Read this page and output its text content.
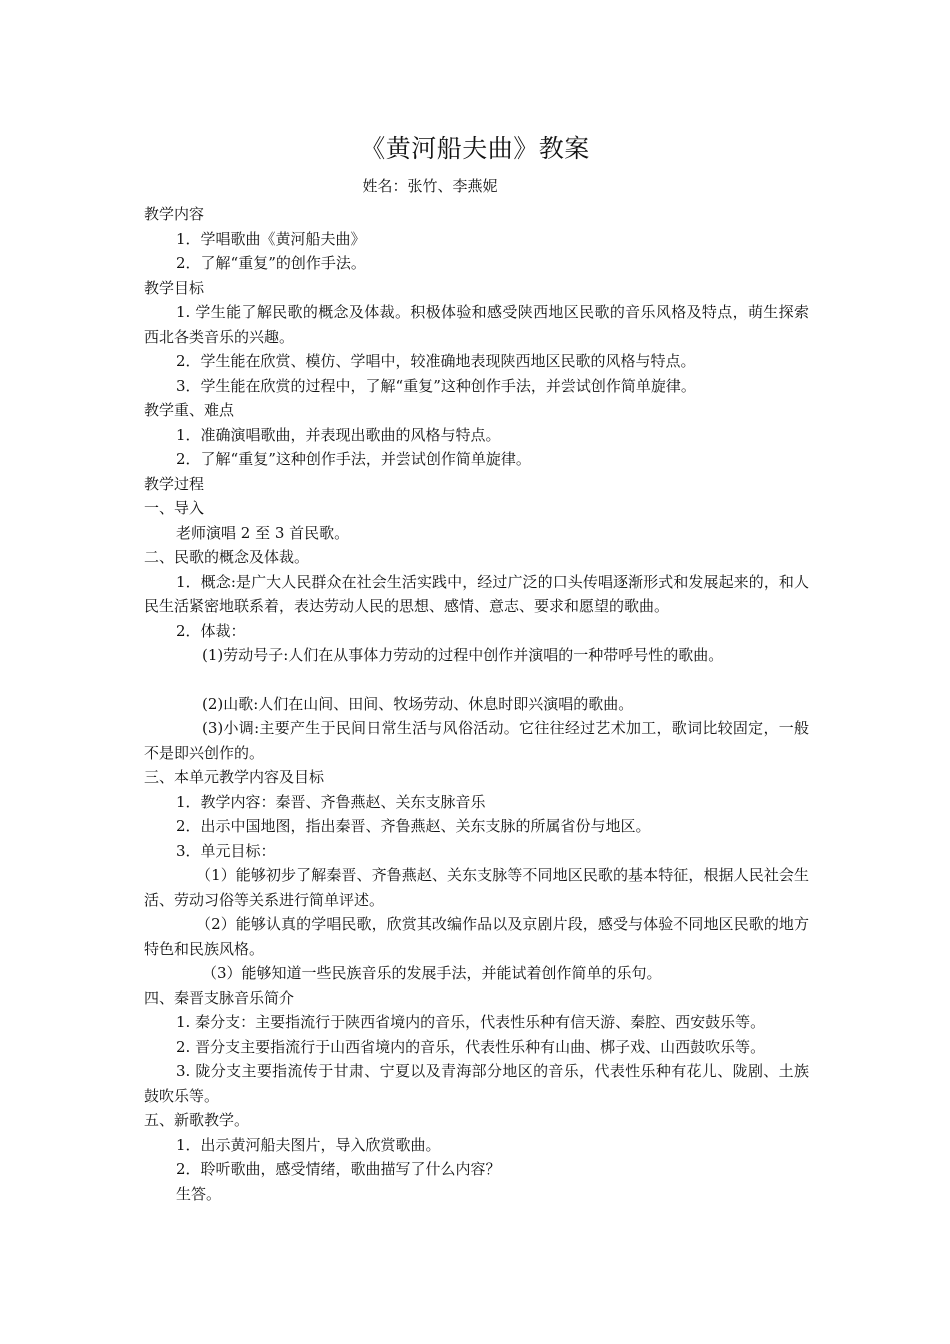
《黄河船夫曲》教案
姓名：张竹、李燕妮

教学内容

1．学唱歌曲《黄河船夫曲》

2．了解“重复”的创作手法。

教学目标

1. 学生能了解民歌的概念及体裁。积极体验和感受陕西地区民歌的音乐风格及特点，萌生探索西北各类音乐的兴趣。

2．学生能在欣赏、模仿、学唱中，较准确地表现陕西地区民歌的风格与特点。

3．学生能在欣赏的过程中，了解“重复”这种创作手法，并尝试创作简单旋律。

教学重、难点

1．准确演唱歌曲，并表现出歌曲的风格与特点。

2．了解“重复”这种创作手法，并尝试创作简单旋律。

教学过程

一、导入

老师演唱 2 至 3 首民歌。

二、民歌的概念及体裁。

1．概念:是广大人民群众在社会生活实践中，经过广泛的口头传唱逐渐形式和发展起来的，和人民生活紧密地联系着，表达劳动人民的思想、感情、意志、要求和愿望的歌曲。

2．体裁：

(1)劳动号子:人们在从事体力劳动的过程中创作并演唱的一种带呼号性的歌曲。

(2)山歌:人们在山间、田间、牧场劳动、休息时即兴演唱的歌曲。

(3)小调:主要产生于民间日常生活与风俗活动。它往往经过艺术加工，歌词比较固定，一般不是即兴创作的。

三、本单元教学内容及目标

1．教学内容：秦晋、齐鲁燕赵、关东支脉音乐

2．出示中国地图，指出秦晋、齐鲁燕赵、关东支脉的所属省份与地区。

3．单元目标：

（1）能够初步了解秦晋、齐鲁燕赵、关东支脉等不同地区民歌的基本特征，根据人民社会生活、劳动习俗等关系进行简单评述。

（2）能够认真的学唱民歌，欣赏其改编作品以及京剧片段，感受与体验不同地区民歌的地方特色和民族风格。

（3）能够知道一些民族音乐的发展手法，并能试着创作简单的乐句。

四、秦晋支脉音乐简介

1. 秦分支：主要指流行于陕西省境内的音乐，代表性乐种有信天游、秦腔、西安鼓乐等。

2. 晋分支主要指流行于山西省境内的音乐，代表性乐种有山曲、梆子戏、山西鼓吹乐等。

3. 陇分支主要指流传于甘肃、宁夏以及青海部分地区的音乐，代表性乐种有花儿、陇剧、土族鼓吹乐等。

五、新歌教学。

1．出示黄河船夫图片，导入欣赏歌曲。

2．聆听歌曲，感受情绪，歌曲描写了什么内容？

生答。
